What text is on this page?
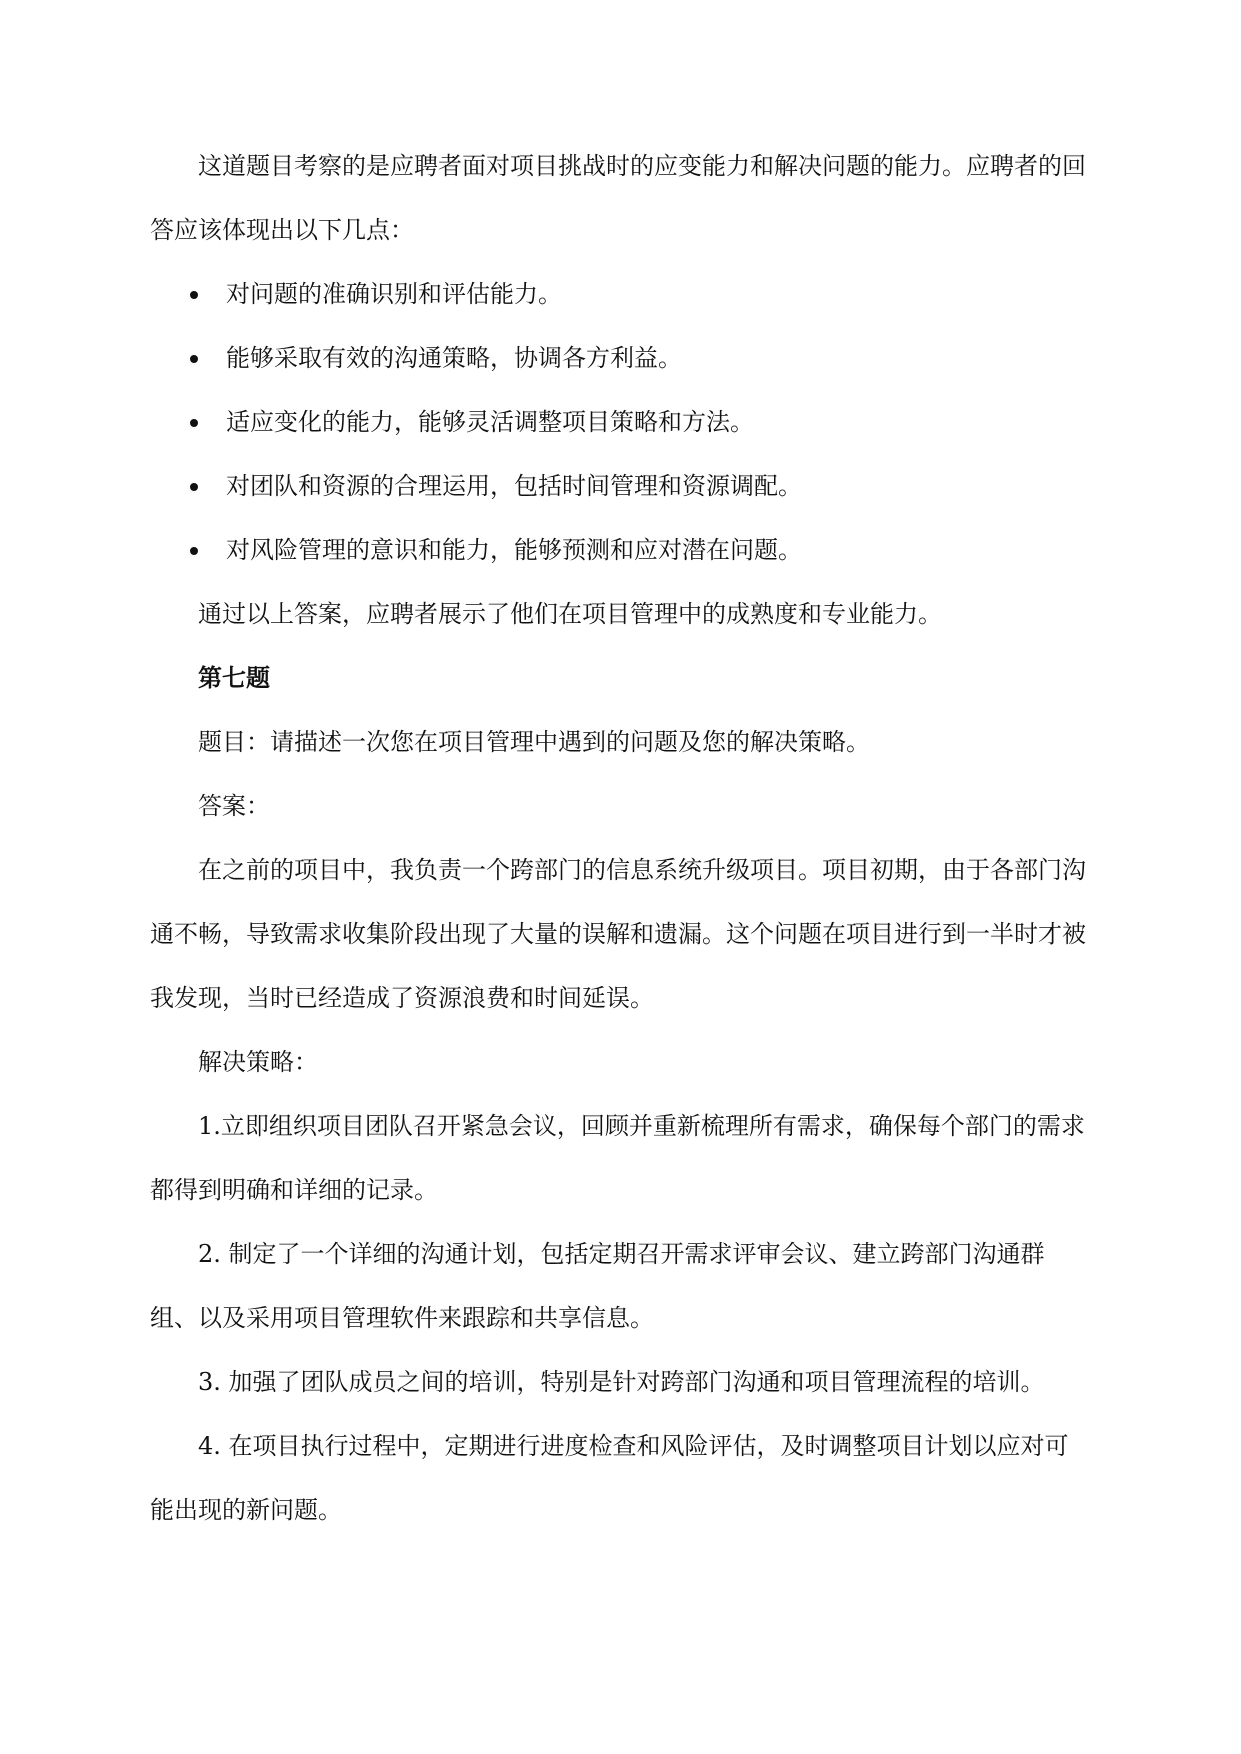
这道题目考察的是应聘者面对项目挑战时的应变能力和解决问题的能力。应聘者的回答应该体现出以下几点：

对问题的准确识别和评估能力。
能够采取有效的沟通策略，协调各方利益。
适应变化的能力，能够灵活调整项目策略和方法。
对团队和资源的合理运用，包括时间管理和资源调配。
对风险管理的意识和能力，能够预测和应对潜在问题。

通过以上答案，应聘者展示了他们在项目管理中的成熟度和专业能力。

第七题

题目：请描述一次您在项目管理中遇到的问题及您的解决策略。

答案：

在之前的项目中，我负责一个跨部门的信息系统升级项目。项目初期，由于各部门沟通不畅，导致需求收集阶段出现了大量的误解和遗漏。这个问题在项目进行到一半时才被我发现，当时已经造成了资源浪费和时间延误。

解决策略：

1.立即组织项目团队召开紧急会议，回顾并重新梳理所有需求，确保每个部门的需求都得到明确和详细的记录。

2. 制定了一个详细的沟通计划，包括定期召开需求评审会议、建立跨部门沟通群组、以及采用项目管理软件来跟踪和共享信息。

3. 加强了团队成员之间的培训，特别是针对跨部门沟通和项目管理流程的培训。

4. 在项目执行过程中，定期进行进度检查和风险评估，及时调整项目计划以应对可能出现的新问题。
